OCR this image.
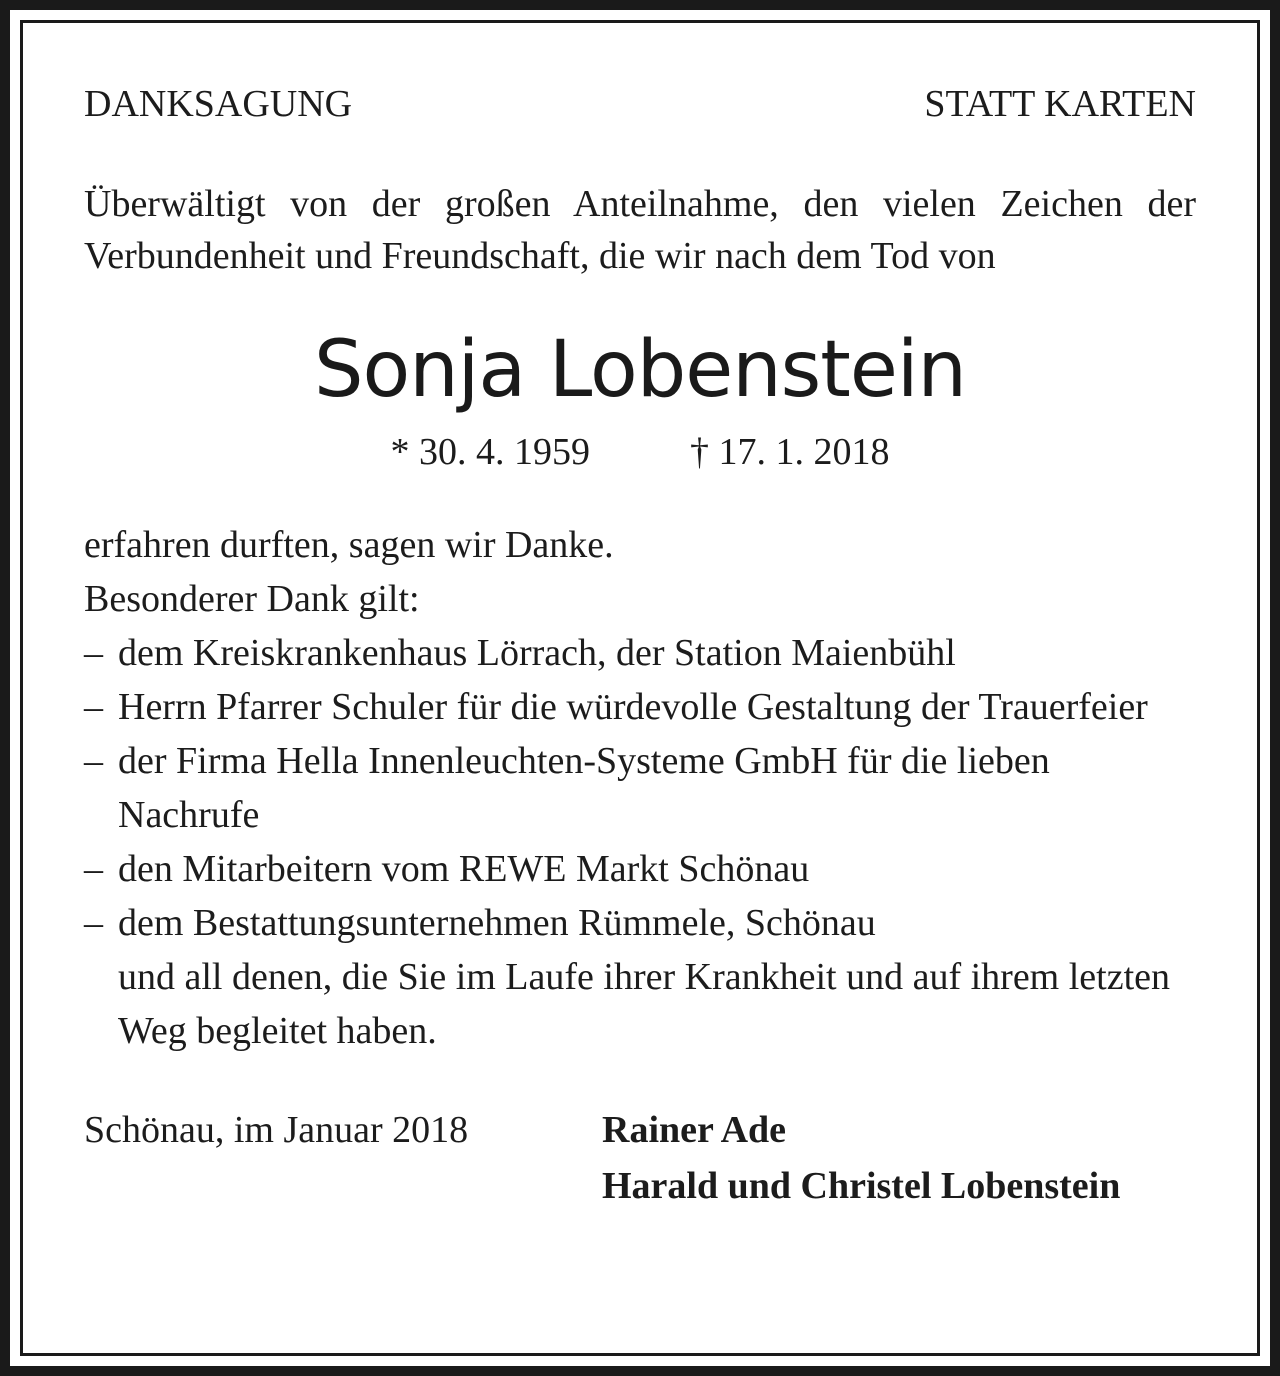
DANKSAGUNG	STATT KARTEN
Überwältigt von der großen Anteilnahme, den vielen Zeichen der Verbundenheit und Freundschaft, die wir nach dem Tod von
Sonja Lobenstein
* 30. 4. 1959	† 17. 1. 2018
erfahren durften, sagen wir Danke.
Besonderer Dank gilt:
– dem Kreiskrankenhaus Lörrach, der Station Maienbühl
– Herrn Pfarrer Schuler für die würdevolle Gestaltung der Trauerfeier
– der Firma Hella Innenleuchten-Systeme GmbH für die lieben Nachrufe
– den Mitarbeitern vom REWE Markt Schönau
– dem Bestattungsunternehmen Rümmele, Schönau
und all denen, die Sie im Laufe ihrer Krankheit und auf ihrem letzten Weg begleitet haben.
Schönau, im Januar 2018	Rainer Ade
Harald und Christel Lobenstein
